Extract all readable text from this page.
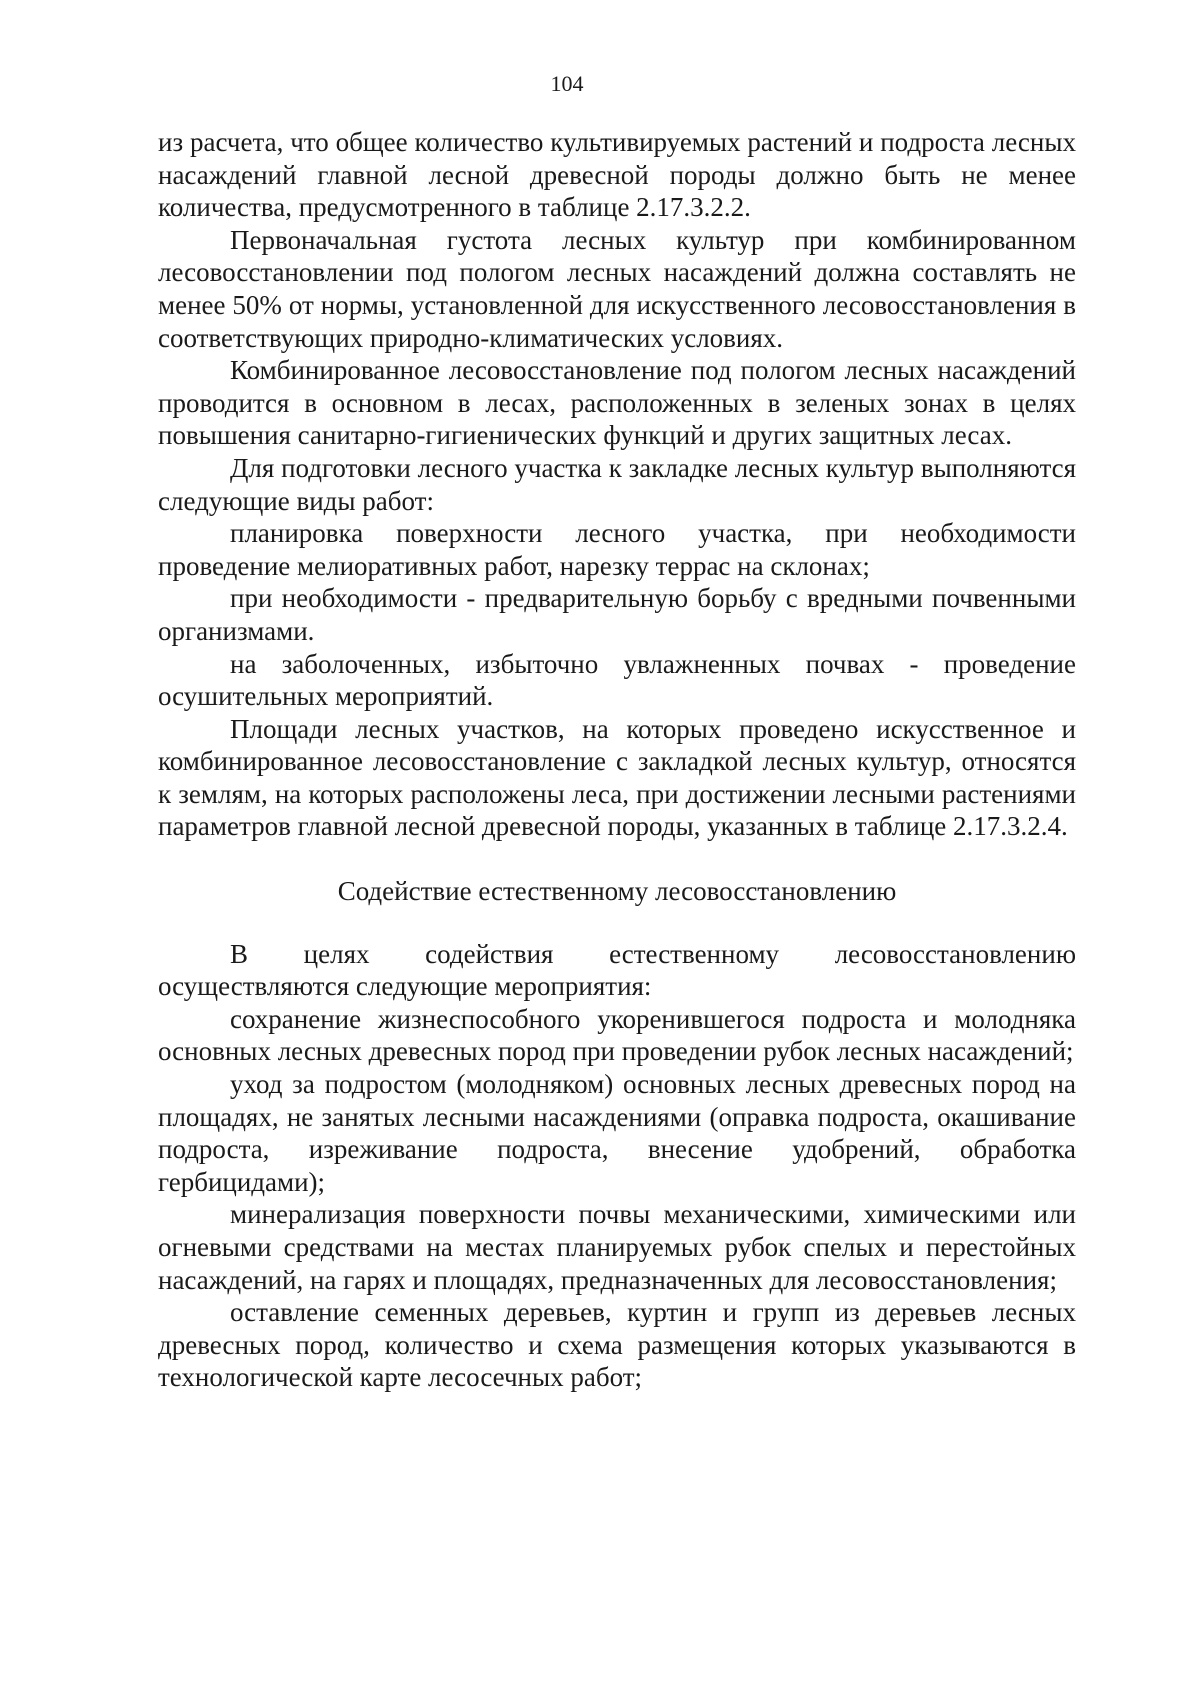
104

из расчета, что общее количество культивируемых растений и подроста лесных насаждений главной лесной древесной породы должно быть не менее количества, предусмотренного в таблице 2.17.3.2.2.

Первоначальная густота лесных культур при комбинированном лесовосстановлении под пологом лесных насаждений должна составлять не менее 50% от нормы, установленной для искусственного лесовосстановления в соответствующих природно-климатических условиях.

Комбинированное лесовосстановление под пологом лесных насаждений проводится в основном в лесах, расположенных в зеленых зонах в целях повышения санитарно-гигиенических функций и других защитных лесах.

Для подготовки лесного участка к закладке лесных культур выполняются следующие виды работ:

планировка поверхности лесного участка, при необходимости проведение мелиоративных работ, нарезку террас на склонах;

при необходимости - предварительную борьбу с вредными почвенными организмами.

на заболоченных, избыточно увлажненных почвах - проведение осушительных мероприятий.

Площади лесных участков, на которых проведено искусственное и комбинированное лесовосстановление с закладкой лесных культур, относятся к землям, на которых расположены леса, при достижении лесными растениями параметров главной лесной древесной породы, указанных в таблице 2.17.3.2.4.

Содействие естественному лесовосстановлению

В целях содействия естественному лесовосстановлению осуществляются следующие мероприятия:

сохранение жизнеспособного укоренившегося подроста и молодняка основных лесных древесных пород при проведении рубок лесных насаждений;

уход за подростом (молодняком) основных лесных древесных пород на площадях, не занятых лесными насаждениями (оправка подроста, окашивание подроста, изреживание подроста, внесение удобрений, обработка гербицидами);

минерализация поверхности почвы механическими, химическими или огневыми средствами на местах планируемых рубок спелых и перестойных насаждений, на гарях и площадях, предназначенных для лесовосстановления;

оставление семенных деревьев, куртин и групп из деревьев лесных древесных пород, количество и схема размещения которых указываются в технологической карте лесосечных работ;
